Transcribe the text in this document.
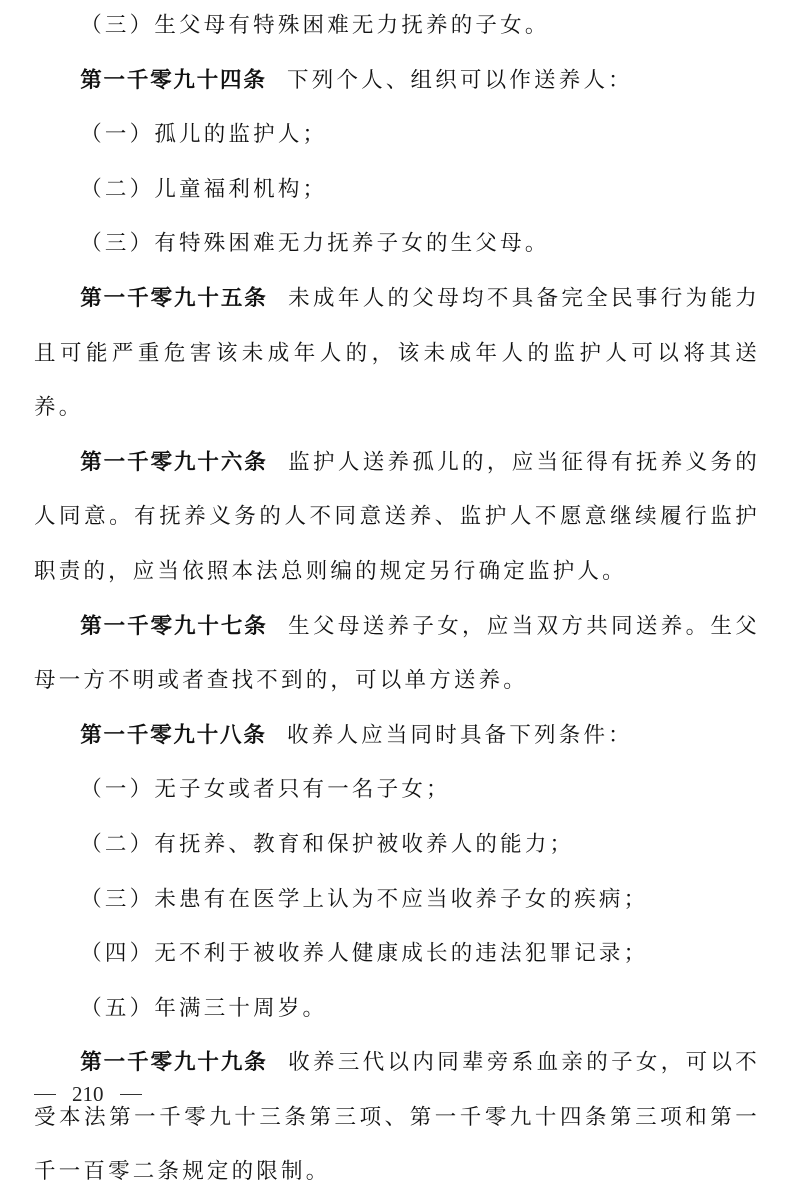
（三）生父母有特殊困难无力抚养的子女。

第一千零九十四条 下列个人、组织可以作送养人：

（一）孤儿的监护人；

（二）儿童福利机构；

（三）有特殊困难无力抚养子女的生父母。

第一千零九十五条 未成年人的父母均不具备完全民事行为能力且可能严重危害该未成年人的，该未成年人的监护人可以将其送养。

第一千零九十六条 监护人送养孤儿的，应当征得有抚养义务的人同意。有抚养义务的人不同意送养、监护人不愿意继续履行监护职责的，应当依照本法总则编的规定另行确定监护人。

第一千零九十七条 生父母送养子女，应当双方共同送养。生父母一方不明或者查找不到的，可以单方送养。

第一千零九十八条 收养人应当同时具备下列条件：

（一）无子女或者只有一名子女；

（二）有抚养、教育和保护被收养人的能力；

（三）未患有在医学上认为不应当收养子女的疾病；

（四）无不利于被收养人健康成长的违法犯罪记录；

（五）年满三十周岁。

第一千零九十九条 收养三代以内同辈旁系血亲的子女，可以不受本法第一千零九十三条第三项、第一千零九十四条第三项和第一千一百零二条规定的限制。

210
